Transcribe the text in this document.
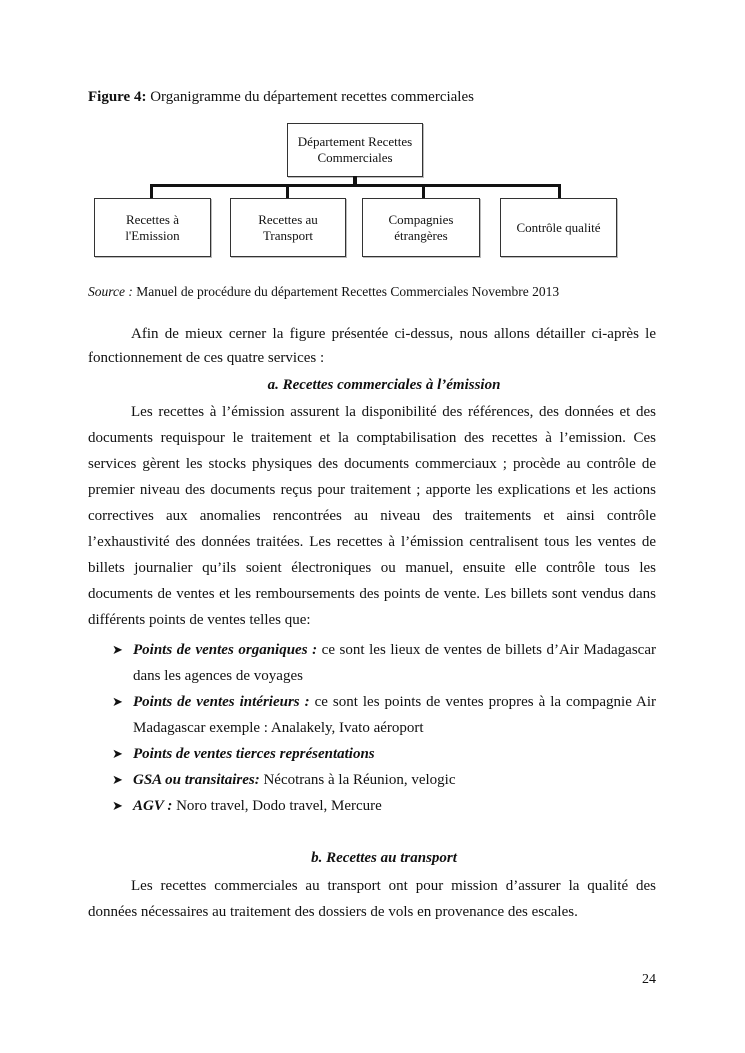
Figure 4: Organigramme du département recettes commerciales
Département Recettes
Commerciales
Recettes à
l'Emission
Recettes au
Transport
Compagnies
étrangères
Contrôle qualité
Source : Manuel de procédure du département Recettes Commerciales Novembre 2013
Afin de mieux cerner la figure présentée ci-dessus, nous allons détailler ci-après le
fonctionnement de ces quatre services :
a. Recettes commerciales à l’émission
Les recettes à l’émission assurent la disponibilité des références, des données et des
documents requispour le traitement et la comptabilisation des recettes à l’emission. Ces
services gèrent les stocks physiques des documents commerciaux ; procède au contrôle de
premier niveau des documents reçus pour traitement ; apporte les explications et les actions
correctives aux anomalies rencontrées au niveau des traitements et ainsi contrôle
l’exhaustivité des données traitées. Les recettes à l’émission centralisent tous les ventes de
billets journalier qu’ils soient électroniques ou manuel, ensuite elle contrôle tous les
documents de ventes et les remboursements des points de vente. Les billets sont vendus dans
différents points de ventes telles que:
➤ Points de ventes organiques : ce sont les lieux de ventes de billets d’Air Madagascar
dans les agences de voyages
➤ Points de ventes intérieurs : ce sont les points de ventes propres à la compagnie Air
Madagascar exemple : Analakely, Ivato aéroport
➤ Points de ventes tierces représentations
➤ GSA ou transitaires: Nécotrans à la Réunion, velogic
➤ AGV : Noro travel, Dodo travel, Mercure
b. Recettes au transport
Les recettes commerciales au transport ont pour mission d’assurer la qualité des
données nécessaires au traitement des dossiers de vols en provenance des escales.
24
